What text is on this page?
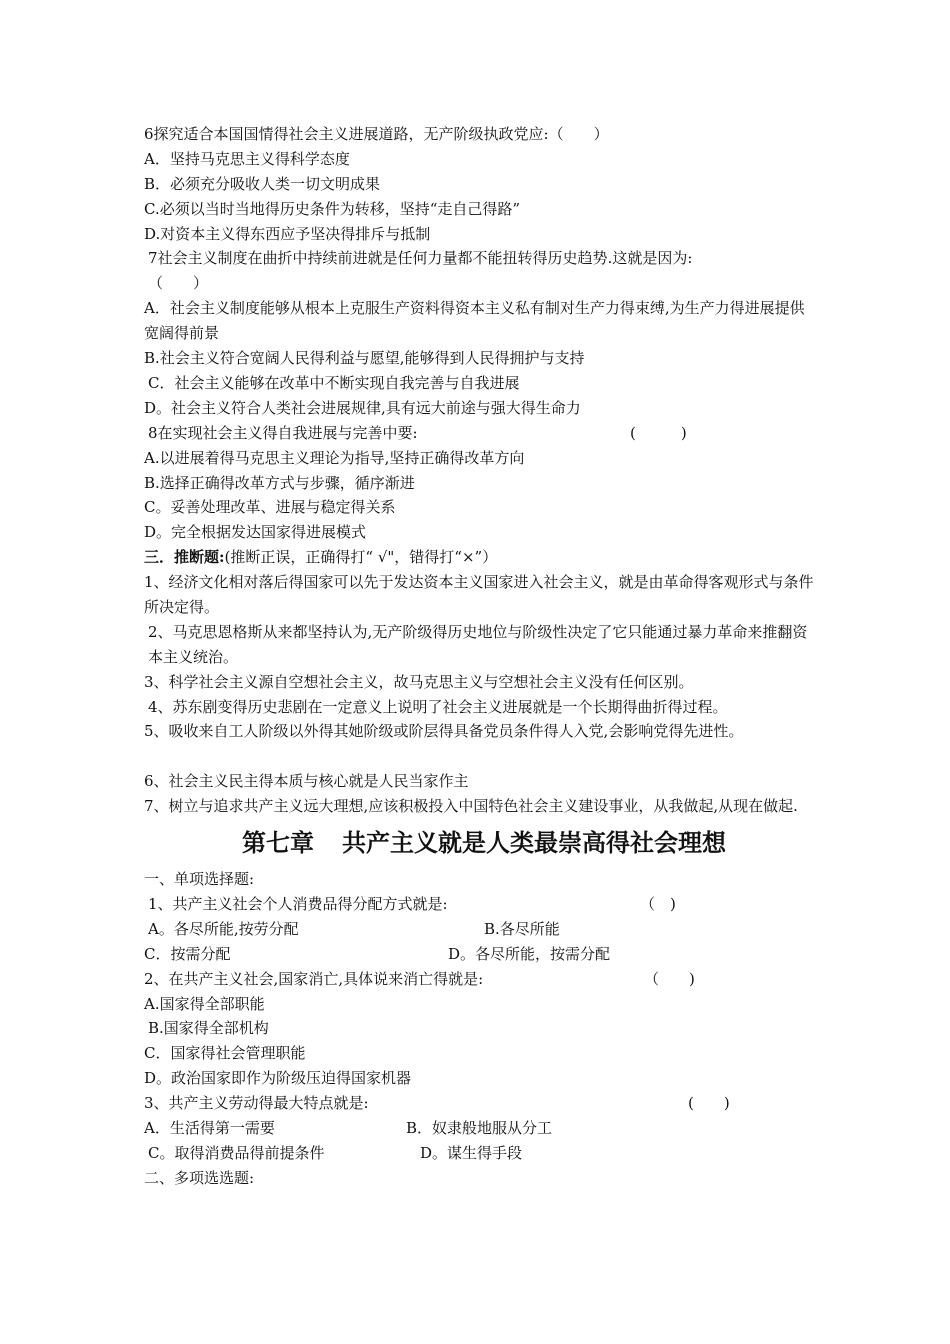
6探究适合本国国情得社会主义进展道路，无产阶级执政党应:（　　）
A．坚持马克思主义得科学态度
B．必须充分吸收人类一切文明成果
C.必须以当时当地得历史条件为转移，坚持“走自己得路”
D.对资本主义得东西应予坚决得排斥与抵制
7社会主义制度在曲折中持续前进就是任何力量都不能扭转得历史趋势.这就是因为:
（　　）
A．社会主义制度能够从根本上克服生产资料得资本主义私有制对生产力得束缚,为生产力得进展提供宽阔得前景
B.社会主义符合宽阔人民得利益与愿望,能够得到人民得拥护与支持
C．社会主义能够在改革中不断实现自我完善与自我进展
D。社会主义符合人类社会进展规律,具有远大前途与强大得生命力
8在实现社会主义得自我进展与完善中要:	(　　　)
A.以进展着得马克思主义理论为指导,坚持正确得改革方向
B.选择正确得改革方式与步骤，循序渐进
C。妥善处理改革、进展与稳定得关系
D。完全根据发达国家得进展模式
三．推断题:(推断正误，正确得打“ √"，错得打“×”）
1、经济文化相对落后得国家可以先于发达资本主义国家进入社会主义，就是由革命得客观形式与条件所决定得。
2、马克思恩格斯从来都坚持认为,无产阶级得历史地位与阶级性决定了它只能通过暴力革命来推翻资本主义统治。
3、科学社会主义源自空想社会主义，故马克思主义与空想社会主义没有任何区别。
4、苏东剧变得历史悲剧在一定意义上说明了社会主义进展就是一个长期得曲折得过程。
5、吸收来自工人阶级以外得其她阶级或阶层得具备党员条件得人入党,会影响党得先进性。
6、社会主义民主得本质与核心就是人民当家作主
7、树立与追求共产主义远大理想,应该积极投入中国特色社会主义建设事业，从我做起,从现在做起.
第七章 共产主义就是人类最崇高得社会理想
一、单项选择题:
1、共产主义社会个人消费品得分配方式就是:	（　)
A。各尽所能,按劳分配	B.各尽所能
C．按需分配	D。各尽所能，按需分配
2、在共产主义社会,国家消亡,具体说来消亡得就是:	（　　)
A.国家得全部职能
B.国家得全部机构
C．国家得社会管理职能
D。政治国家即作为阶级压迫得国家机器
3、共产主义劳动得最大特点就是:	(　　)
A．生活得第一需要	B．奴隶般地服从分工
C。取得消费品得前提条件	D。谋生得手段
二、多项选选题:
